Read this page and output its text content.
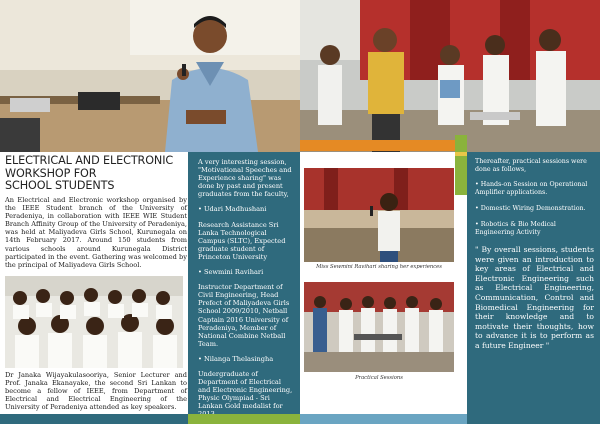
ELECTRICAL AND ELECTRONIC
WORKSHOP FOR
SCHOOL STUDENTS

An Electrical and Electronic workshop organised by the IEEE Student branch of the University of Peradeniya, in collaboration with IEEE WIE Student Branch Affinity Group of the University of Peradeniya, was held at Maliyadeva Girls School, Kurunegala on 14th February 2017. Around 150 students from various schools around Kurunegala District participated in the event. Gathering was welcomed by the principal of Maliyadeva Girls School.

Dr Janaka Wijayakulasooriya, Senior Lecturer and Prof. Janaka Ekanayake, the second Sri Lankan to become a fellow of IEEE, from Department of Electrical and Electrical Engineering of the University of Peradeniya attended as key speakers.

A very interesting session, "Motivational Speeches and Experience sharing" was done by past and present graduates from the faculty,

• Udari Madhushani

Research Assistance Sri Lanka Technological Campus (SLTC), Expected graduate student of Princeton University

• Sewmini Ravihari

Instructor Department of Civil Engineering, Head Prefect of Maliyadeva Girls School 2009/2010, Netball Captain 2016 University of Peradeniya, Member of National Combine Netball Team.

• Nilanga Thelasingha

Undergraduate of Department of Electrical and Electronic Engineering, Physic Olympiad - Sri Lankan Gold medalist for

Miss Sewmini Ravihari sharing her experiences
Practical Sessions

Thereafter, practical sessions were done as follows,

• Hands-on Session on Operational Amplifier applications.
• Domestic Wiring Demonstration.
• Robotics & Bio Medical Engineering Activity

" By overall sessions, students were given an introduction to key areas of Electrical and Electronic Engineering such as Electrical Engineering, Communication, Control and Biomedical Engineering for their knowledge and to motivate their thoughts, how to advance it is to perform as a future Engineer "
